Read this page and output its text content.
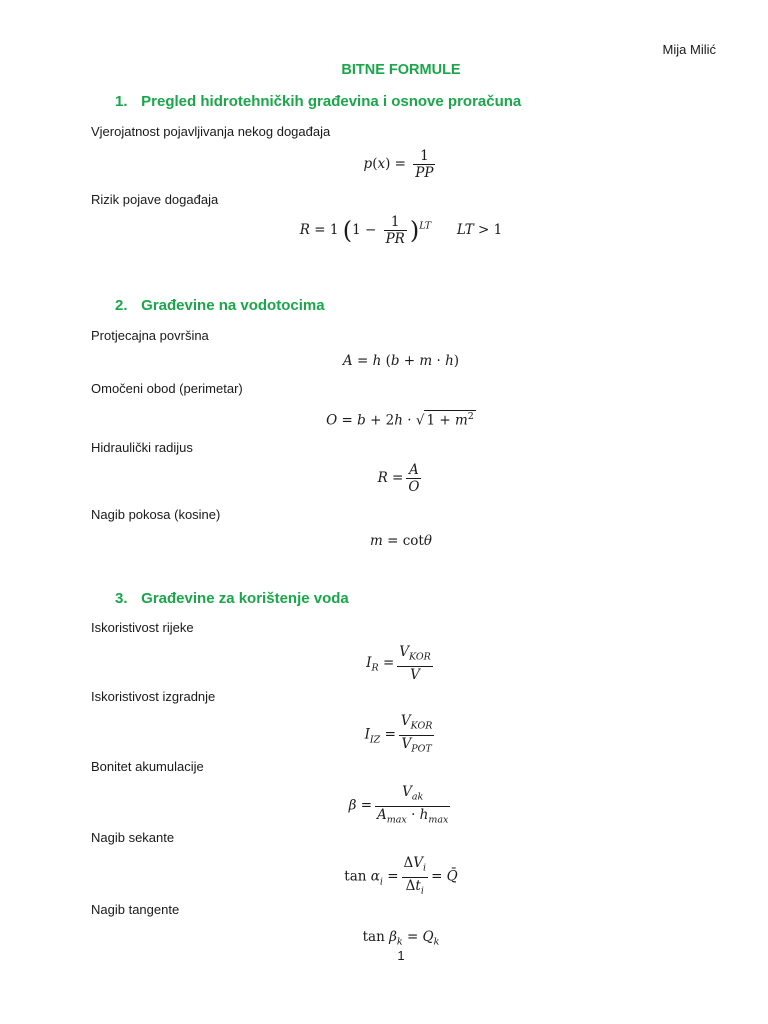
Mija Milić
BITNE FORMULE
1. Pregled hidrotehničkih građevina i osnove proračuna
Vjerojatnost pojavljivanja nekog događaja
$p(x) = \frac{1}{PP}$
Rizik pojave događaja
R = 1 $(1 - \frac{1}{PR} )^{LT}$      LT > 1
2. Građevine na vodotocima
Protjecajna površina
A = h (b + m · h)
Omočeni obod (perimetar)
O = b + 2h · √ $1 + m^2$
Hidraulički radijus
$R = \frac{A}{O}$
Nagib pokosa (kosine)
m = cotθ
3. Građevine za korištenje voda
Iskoristivost rijeke
$I_R = \frac{V_{KOR}}{V}$
Iskoristivost izgradnje
$I_{IZ} = \frac{V_{KOR}}{V_{POT}}$
Bonitet akumulacije
$\beta = \frac{V_{ak}}{A_{max} \cdot h_{max}}$
Nagib sekante
$\tan \alpha_i = \frac{\Delta V_i}{\Delta t_i}$ = Q̄
Nagib tangente
$\tan \beta_k = Q_k$
1
